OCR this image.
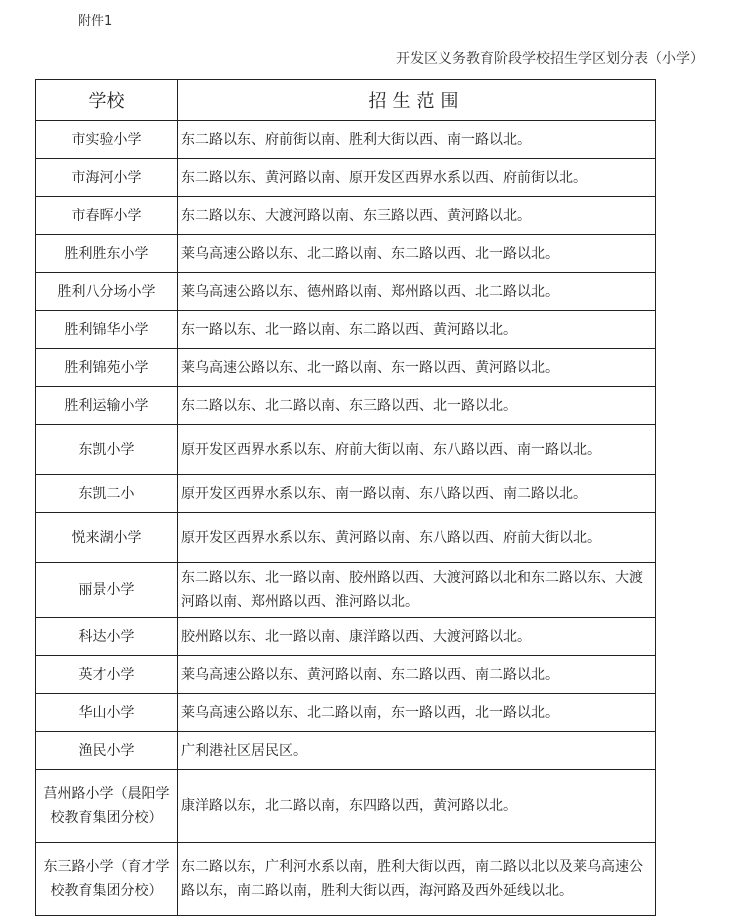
附件1
开发区义务教育阶段学校招生学区划分表（小学）
学校	招生范围
市实验小学	东二路以东、府前街以南、胜利大街以西、南一路以北。
市海河小学	东二路以东、黄河路以南、原开发区西界水系以西、府前街以北。
市春晖小学	东二路以东、大渡河路以南、东三路以西、黄河路以北。
胜利胜东小学	莱乌高速公路以东、北二路以南、东二路以西、北一路以北。
胜利八分场小学	莱乌高速公路以东、德州路以南、郑州路以西、北二路以北。
胜利锦华小学	东一路以东、北一路以南、东二路以西、黄河路以北。
胜利锦苑小学	莱乌高速公路以东、北一路以南、东一路以西、黄河路以北。
胜利运输小学	东二路以东、北二路以南、东三路以西、北一路以北。
东凯小学	原开发区西界水系以东、府前大街以南、东八路以西、南一路以北。
东凯二小	原开发区西界水系以东、南一路以南、东八路以西、南二路以北。
悦来湖小学	原开发区西界水系以东、黄河路以南、东八路以西、府前大街以北。
丽景小学	东二路以东、北一路以南、胶州路以西、大渡河路以北和东二路以东、大渡河路以南、郑州路以西、淮河路以北。
科达小学	胶州路以东、北一路以南、康洋路以西、大渡河路以北。
英才小学	莱乌高速公路以东、黄河路以南、东二路以西、南二路以北。
华山小学	莱乌高速公路以东、北二路以南，东一路以西，北一路以北。
渔民小学	广利港社区居民区。
莒州路小学（晨阳学校教育集团分校）	康洋路以东，北二路以南，东四路以西，黄河路以北。
东三路小学（育才学校教育集团分校）	东二路以东，广利河水系以南，胜利大街以西，南二路以北以及莱乌高速公路以东，南二路以南，胜利大街以西，海河路及西外延线以北。
